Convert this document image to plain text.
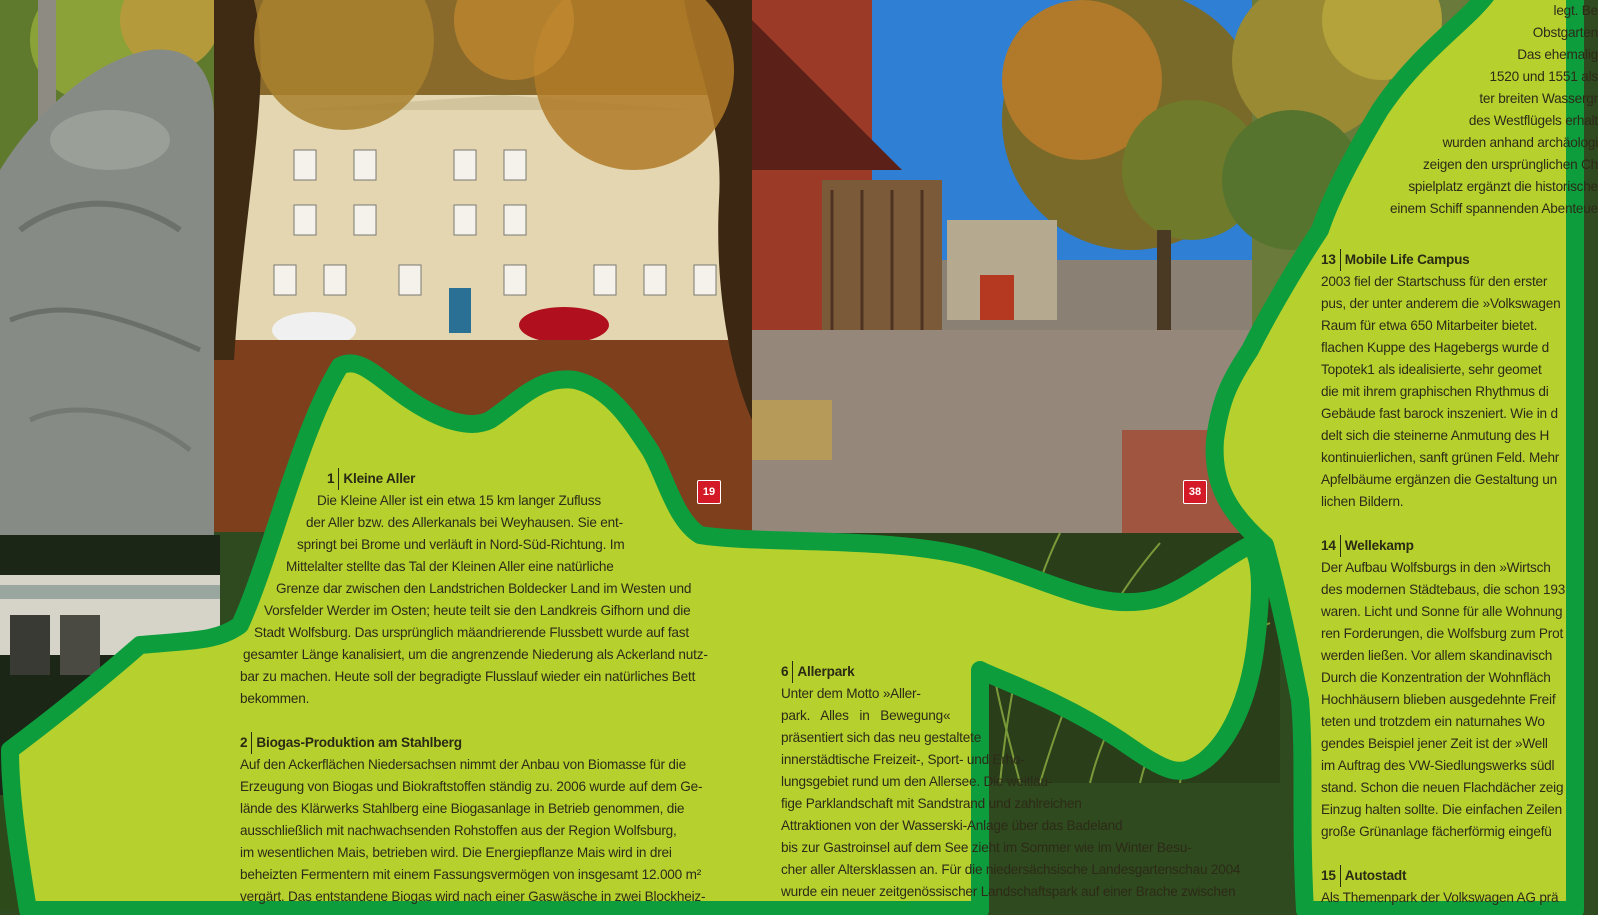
19	38
1 Kleine Aller

Die Kleine Aller ist ein etwa 15 km langer Zufluss

der Aller bzw. des Allerkanals bei Weyhausen. Sie ent-

springt bei Brome und verläuft in Nord-Süd-Richtung. Im

Mittelalter stellte das Tal der Kleinen Aller eine natürliche

Grenze dar zwischen den Landstrichen Boldecker Land im Westen und

Vorsfelder Werder im Osten; heute teilt sie den Landkreis Gifhorn und die

Stadt Wolfsburg. Das ursprünglich mäandrierende Flussbett wurde auf fast

gesamter Länge kanalisiert, um die angrenzende Niederung als Ackerland nutz-

bar zu machen. Heute soll der begradigte Flusslauf wieder ein natürliches Bett

bekommen.

2 Biogas-Produktion am Stahlberg

Auf den Ackerflächen Niedersachsen nimmt der Anbau von Biomasse für die

Erzeugung von Biogas und Biokraftstoffen ständig zu. 2006 wurde auf dem Ge-

lände des Klärwerks Stahlberg eine Biogasanlage in Betrieb genommen, die

ausschließlich mit nachwachsenden Rohstoffen aus der Region Wolfsburg,

im wesentlichen Mais, betrieben wird. Die Energiepflanze Mais wird in drei

beheizten Fermentern mit einem Fassungsvermögen von insgesamt 12.000 m²

vergärt. Das entstandene Biogas wird nach einer Gaswäsche in zwei Blockheiz-

6 Allerpark

Unter dem Motto »Aller-

park.   Alles   in   Bewegung«

präsentiert sich das neu gestaltete

innerstädtische Freizeit-, Sport- und Erho-

lungsgebiet rund um den Allersee. Die weitläu-

fige Parklandschaft mit Sandstrand und zahlreichen

Attraktionen von der Wasserski-Anlage über das Badeland

bis zur Gastroinsel auf dem See zieht im Sommer wie im Winter Besu-

cher aller Altersklassen an. Für die niedersächsische Landesgartenschau 2004

wurde ein neuer zeitgenössischer Landschaftspark auf einer Brache zwischen

legt. Be

Obstgarten

Das ehemalig

1520 und 1551 als

ter breiten Wassergr

des Westflügels erhalt

wurden anhand archäologi

zeigen den ursprünglichen Ch

spielplatz ergänzt die historische

einem Schiff spannenden Abenteue

13 Mobile Life Campus

2003 fiel der Startschuss für den erster

pus, der unter anderem die »Volkswagen

Raum für etwa 650 Mitarbeiter bietet.

flachen Kuppe des Hagebergs wurde d

Topotek1 als idealisierte, sehr geomet

die mit ihrem graphischen Rhythmus di

Gebäude fast barock inszeniert. Wie in d

delt sich die steinerne Anmutung des H

kontinuierlichen, sanft grünen Feld. Mehr

Apfelbäume ergänzen die Gestaltung un

lichen Bildern.

14 Wellekamp

Der Aufbau Wolfsburgs in den »Wirtsch

des modernen Städtebaus, die schon 193

waren. Licht und Sonne für alle Wohnung

ren Forderungen, die Wolfsburg zum Prot

werden ließen. Vor allem skandinavisch

Durch die Konzentration der Wohnfläch

Hochhäusern blieben ausgedehnte Freif

teten und trotzdem ein naturnahes Wo

gendes Beispiel jener Zeit ist der »Well

im Auftrag des VW-Siedlungswerks südl

stand. Schon die neuen Flachdächer zeig

Einzug halten sollte. Die einfachen Zeilen

große Grünanlage fächerförmig eingefü

15 Autostadt

Als Themenpark der Volkswagen AG prä
